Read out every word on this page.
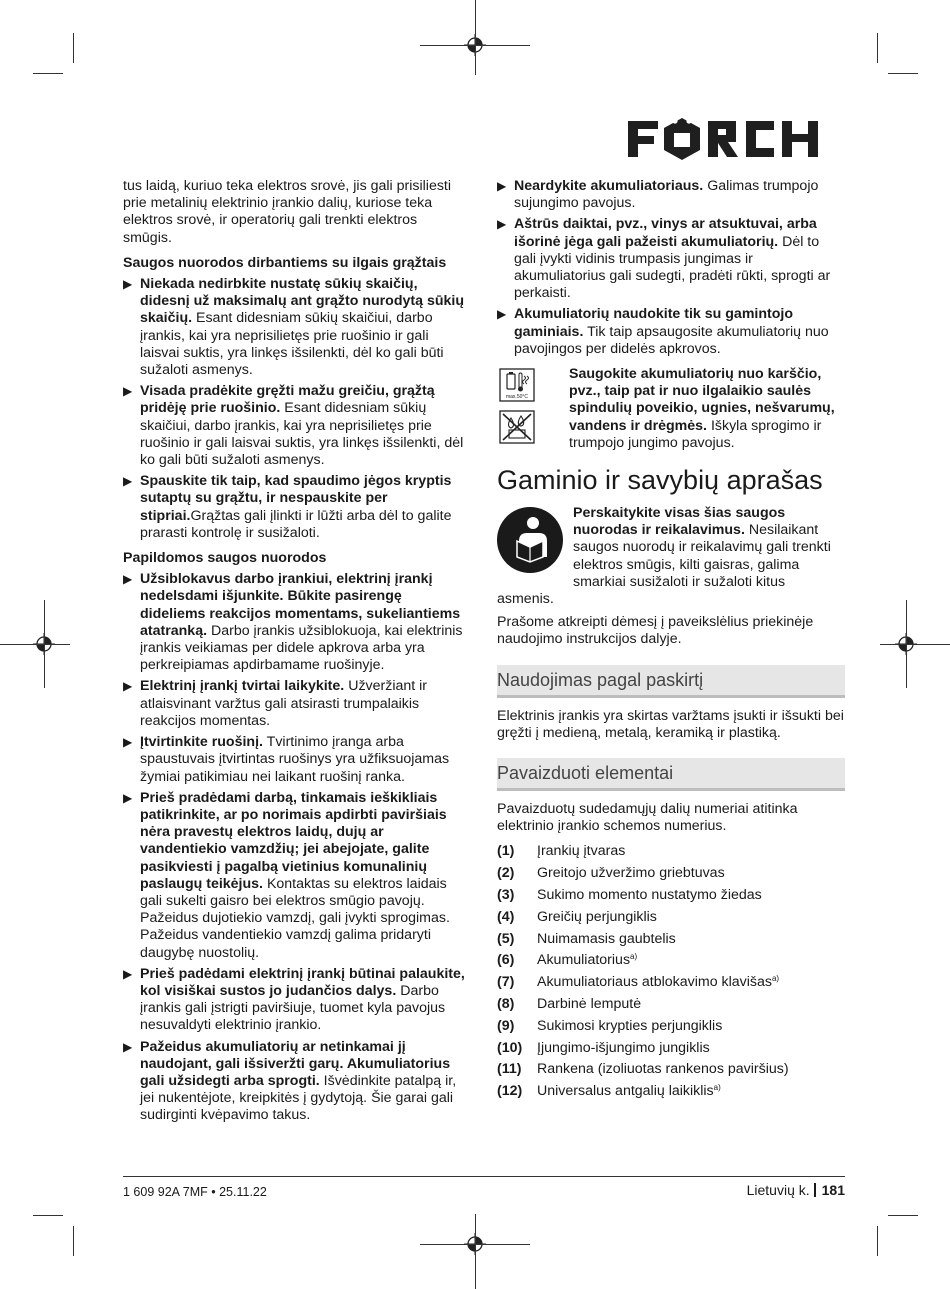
tus laidą, kuriuo teka elektros srovė, jis gali prisiliesti prie metalinių elektrinio įrankio dalių, kuriose teka elektros srovė, ir operatorių gali trenkti elektros smūgis.

Saugos nuorodos dirbantiems su ilgais grąžtais

▶ Niekada nedirbkite nustatę sūkių skaičių, didesnį už maksimalų ant grąžto nurodytą sūkių skaičių. Esant didesniam sūkių skaičiui, darbo įrankis, kai yra neprisilietęs prie ruošinio ir gali laisvai suktis, yra linkęs išsilenkti, dėl ko gali būti sužaloti asmenys.
▶ Visada pradėkite gręžti mažu greičiu, grąžtą pridėję prie ruošinio. Esant didesniam sūkių skaičiui, darbo įrankis, kai yra neprisilietęs prie ruošinio ir gali laisvai suktis, yra linkęs išsilenkti, dėl ko gali būti sužaloti asmenys.
▶ Spauskite tik taip, kad spaudimo jėgos kryptis sutaptų su grąžtu, ir nespauskite per stipriai.Grąžtas gali įlinkti ir lūžti arba dėl to galite prarasti kontrolę ir susižaloti.

Papildomos saugos nuorodos

▶ Užsiblokavus darbo įrankiui, elektrinį įrankį nedelsdami išjunkite. Būkite pasirengę dideliems reakcijos momentams, sukeliantiems atatranką. Darbo įrankis užsiblokuoja, kai elektrinis įrankis veikiamas per didele apkrova arba yra perkreipiamas apdirbamame ruošinyje.
▶ Elektrinį įrankį tvirtai laikykite. Užveržiant ir atlaisvinant varžtus gali atsirasti trumpalaikis reakcijos momentas.
▶ Įtvirtinkite ruošinį. Tvirtinimo įranga arba spaustuvais įtvirtintas ruošinys yra užfiksuojamas žymiai patikimiau nei laikant ruošinį ranka.
▶ Prieš pradėdami darbą, tinkamais ieškikliais patikrinkite, ar po norimais apdirbti paviršiais nėra pravestų elektros laidų, dujų ar vandentiekio vamzdžių; jei abejojate, galite pasikviesti į pagalbą vietinius komunalinių paslaugų teikėjus. Kontaktas su elektros laidais gali sukelti gaisro bei elektros smūgio pavojų. Pažeidus dujotiekio vamzdį, gali įvykti sprogimas. Pažeidus vandentiekio vamzdį galima pridaryti daugybę nuostolių.
▶ Prieš padėdami elektrinį įrankį būtinai palaukite, kol visiškai sustos jo judančios dalys. Darbo įrankis gali įstrigti paviršiuje, tuomet kyla pavojus nesuvaldyti elektrinio įrankio.
▶ Pažeidus akumuliatorių ar netinkamai jį naudojant, gali išsiveržti garų. Akumuliatorius gali užsidegti arba sprogti. Išvėdinkite patalpą ir, jei nukentėjote, kreipkitės į gydytoją. Šie garai gali sudirginti kvėpavimo takus.
▶ Neardykite akumuliatoriaus. Galimas trumpojo sujungimo pavojus.
▶ Aštrūs daiktai, pvz., vinys ar atsuktuvai, arba išorinė jėga gali pažeisti akumuliatorių. Dėl to gali įvykti vidinis trumpasis jungimas ir akumuliatorius gali sudegti, pradėti rūkti, sprogti ar perkaisti.
▶ Akumuliatorių naudokite tik su gamintojo gaminiais. Tik taip apsaugosite akumuliatorių nuo pavojingos per didelės apkrovos.
max.50°C

Saugokite akumuliatorių nuo karščio, pvz., taip pat ir nuo ilgalaikio saulės spindulių poveikio, ugnies, nešvarumų, vandens ir drėgmės. Iškyla sprogimo ir trumpojo jungimo pavojus.
Gaminio ir savybių aprašas
Perskaitykite visas šias saugos nuorodas ir reikalavimus. Nesilaikant saugos nuorodų ir reikalavimų gali trenkti elektros smūgis, kilti gaisras, galima smarkiai susižaloti ir sužaloti kitus asmenis.

Prašome atkreipti dėmesį į paveikslėlius priekinėje naudojimo instrukcijos dalyje.

Naudojimas pagal paskirtį

Elektrinis įrankis yra skirtas varžtams įsukti ir išsukti bei gręžti į medieną, metalą, keramiką ir plastiką.

Pavaizduoti elementai

Pavaizduotų sudedamųjų dalių numeriai atitinka elektrinio įrankio schemos numerius.

(1)	Įrankių įtvaras
(2)	Greitojo užveržimo griebtuvas
(3)	Sukimo momento nustatymo žiedas
(4)	Greičių perjungiklis
(5)	Nuimamasis gaubtelis
(6)	Akumuliatorius$^{a)}$
(7)	Akumuliatoriaus atblokavimo klavišas$^{a)}$
(8)	Darbinė lemputė
(9)	Sukimosi krypties perjungiklis
(10)	Įjungimo-išjungimo jungiklis
(11)	Rankena (izoliuotas rankenos paviršius)
(12)	Universalus antgalių laikiklis$^{a)}$
1 609 92A 7MF • 25.11.22	Lietuvių k. 181
